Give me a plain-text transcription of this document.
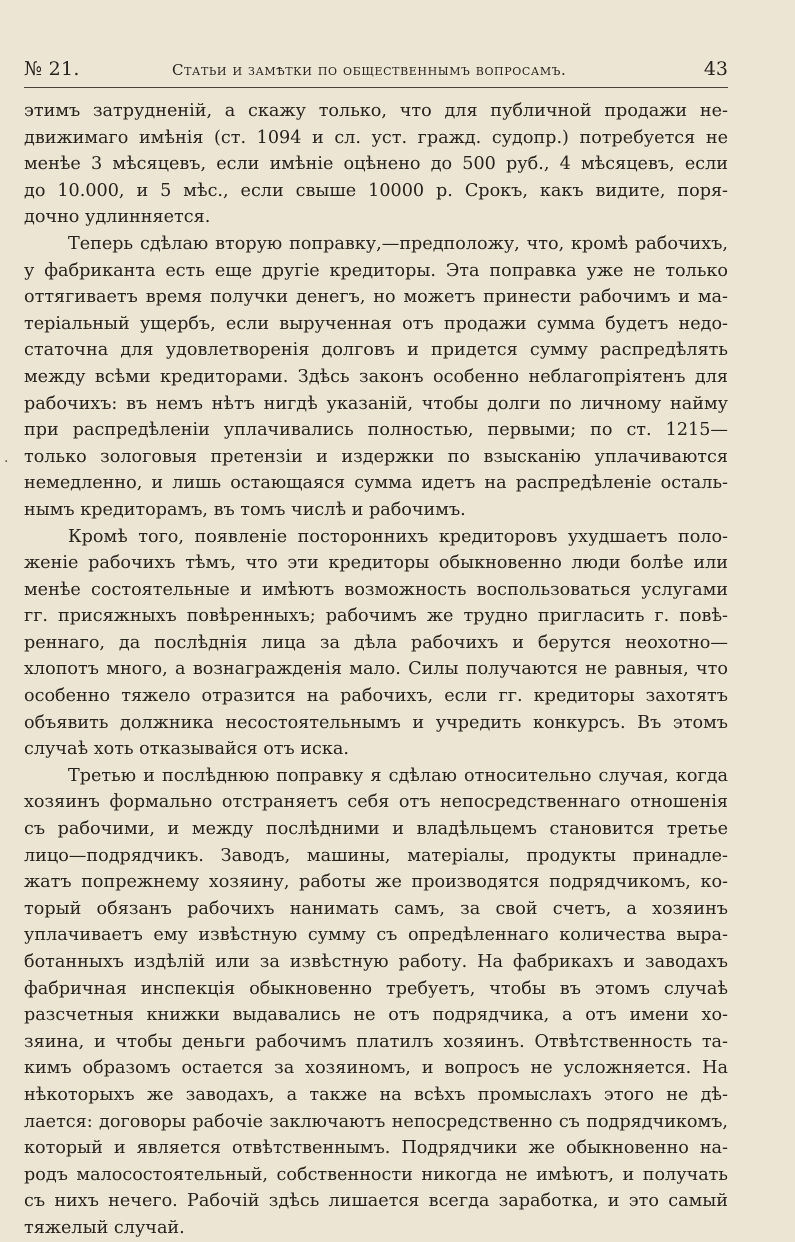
№ 21.	Статьи и замѣтки по общественнымъ вопросамъ.	43
.
этимъ затрудненій, а скажу только, что для публичной продажи не-
движимаго имѣнія (ст. 1094 и сл. уст. гражд. судопр.) потребуется не
менѣе 3 мѣсяцевъ, если имѣніе оцѣнено до 500 руб., 4 мѣсяцевъ, если
до 10.000, и 5 мѣс., если свыше 10000 р. Срокъ, какъ видите, поря-
дочно удлинняется.
Теперь сдѣлаю вторую поправку,—предположу, что, кромѣ рабочихъ,
у фабриканта есть еще другіе кредиторы. Эта поправка уже не только
оттягиваетъ время получки денегъ, но можетъ принести рабочимъ и ма-
теріальный ущербъ, если вырученная отъ продажи сумма будетъ недо-
статочна для удовлетворенія долговъ и придется сумму распредѣлять
между всѣми кредиторами. Здѣсь законъ особенно неблагопріятенъ для
рабочихъ: въ немъ нѣтъ нигдѣ указаній, чтобы долги по личному найму
при распредѣленіи уплачивались полностью, первыми; по ст. 1215—
только зологовыя претензіи и издержки по взысканію уплачиваются
немедленно, и лишь остающаяся сумма идетъ на распредѣленіе осталь-
нымъ кредиторамъ, въ томъ числѣ и рабочимъ.
Кромѣ того, появленіе постороннихъ кредиторовъ ухудшаетъ поло-
женіе рабочихъ тѣмъ, что эти кредиторы обыкновенно люди болѣе или
менѣе состоятельные и имѣютъ возможность воспользоваться услугами
гг. присяжныхъ повѣренныхъ; рабочимъ же трудно пригласить г. повѣ-
реннаго, да послѣднія лица за дѣла рабочихъ и берутся неохотно—
хлопотъ много, а вознагражденія мало. Силы получаются не равныя, что
особенно тяжело отразится на рабочихъ, если гг. кредиторы захотятъ
объявить должника несостоятельнымъ и учредить конкурсъ. Въ этомъ
случаѣ хоть отказывайся отъ иска.
Третью и послѣднюю поправку я сдѣлаю относительно случая, когда
хозяинъ формально отстраняетъ себя отъ непосредственнаго отношенія
съ рабочими, и между послѣдними и владѣльцемъ становится третье
лицо—подрядчикъ. Заводъ, машины, матеріалы, продукты принадле-
жатъ попрежнему хозяину, работы же производятся подрядчикомъ, ко-
торый обязанъ рабочихъ нанимать самъ, за свой счетъ, а хозяинъ
уплачиваетъ ему извѣстную сумму съ опредѣленнаго количества выра-
ботанныхъ издѣлій или за извѣстную работу. На фабрикахъ и заводахъ
фабричная инспекція обыкновенно требуетъ, чтобы въ этомъ случаѣ
разсчетныя книжки выдавались не отъ подрядчика, а отъ имени хо-
зяина, и чтобы деньги рабочимъ платилъ хозяинъ. Отвѣтственность та-
кимъ образомъ остается за хозяиномъ, и вопросъ не усложняется. На
нѣкоторыхъ же заводахъ, а также на всѣхъ промыслахъ этого не дѣ-
лается: договоры рабочіе заключаютъ непосредственно съ подрядчикомъ,
который и является отвѣтственнымъ. Подрядчики же обыкновенно на-
родъ малосостоятельный, собственности никогда не имѣютъ, и получать
съ нихъ нечего. Рабочій здѣсь лишается всегда заработка, и это самый
тяжелый случай.
